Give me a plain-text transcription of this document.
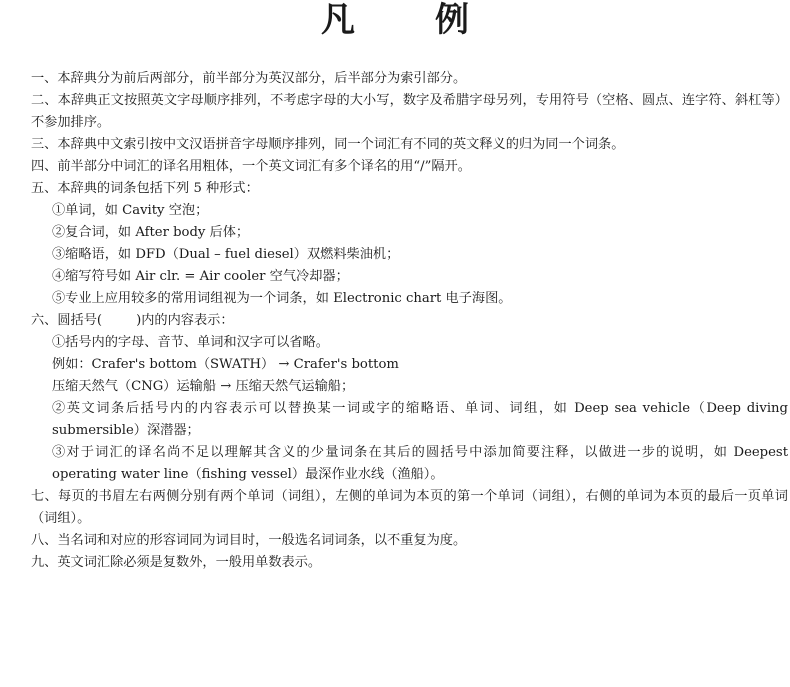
凡 例
一、本辞典分为前后两部分，前半部分为英汉部分，后半部分为索引部分。
二、本辞典正文按照英文字母顺序排列，不考虑字母的大小写，数字及希腊字母另列，专用符号（空格、圆点、连字符、斜杠等）不参加排序。
三、本辞典中文索引按中文汉语拼音字母顺序排列，同一个词汇有不同的英文释义的归为同一个词条。
四、前半部分中词汇的译名用粗体，一个英文词汇有多个译名的用“/”隔开。
五、本辞典的词条包括下列 5 种形式：
①单词，如 Cavity 空泡；
②复合词，如 After body 后体；
③缩略语，如 DFD（Dual – fuel diesel）双燃料柴油机；
④缩写符号如 Air clr. = Air cooler 空气冷却器；
⑤专业上应用较多的常用词组视为一个词条，如 Electronic chart 电子海图。
六、圆括号(	)内的内容表示：
①括号内的字母、音节、单词和汉字可以省略。
例如：Crafer's bottom（SWATH） → Crafer's bottom
压缩天然气（CNG）运输船 → 压缩天然气运输船；
②英文词条后括号内的内容表示可以替换某一词或字的缩略语、单词、词组，如 Deep sea vehicle（Deep diving submersible）深潜器；
③对于词汇的译名尚不足以理解其含义的少量词条在其后的圆括号中添加简要注释，以做进一步的说明，如 Deepest operating water line（fishing vessel）最深作业水线（渔船）。
七、每页的书眉左右两侧分别有两个单词（词组），左侧的单词为本页的第一个单词（词组），右侧的单词为本页的最后一页单词（词组）。
八、当名词和对应的形容词同为词目时，一般选名词词条，以不重复为度。
九、英文词汇除必须是复数外，一般用单数表示。
